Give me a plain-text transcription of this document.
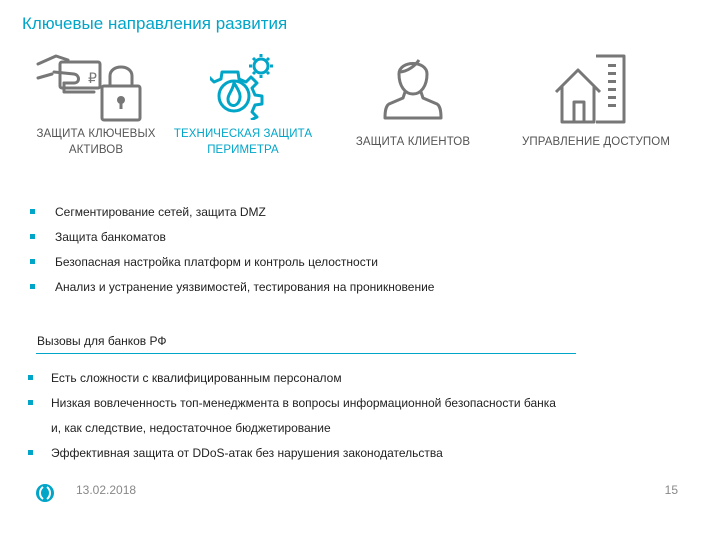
Ключевые направления развития
₽
ЗАЩИТА КЛЮЧЕВЫХ
АКТИВОВ
ТЕХНИЧЕСКАЯ ЗАЩИТА
ПЕРИМЕТРА
ЗАЩИТА КЛИЕНТОВ	УПРАВЛЕНИЕ ДОСТУПОМ
Сегментирование сетей, защита DMZ
Защита банкоматов
Безопасная настройка платформ и контроль целостности
Анализ и устранение уязвимостей, тестирования на проникновение
Вызовы для банков РФ
Есть сложности с квалифицированным персоналом
Низкая вовлеченность топ-менеджмента в вопросы информационной безопасности банка
и, как следствие, недостаточное бюджетирование
Эффективная защита от DDoS-атак без нарушения законодательства
13.02.2018	15
